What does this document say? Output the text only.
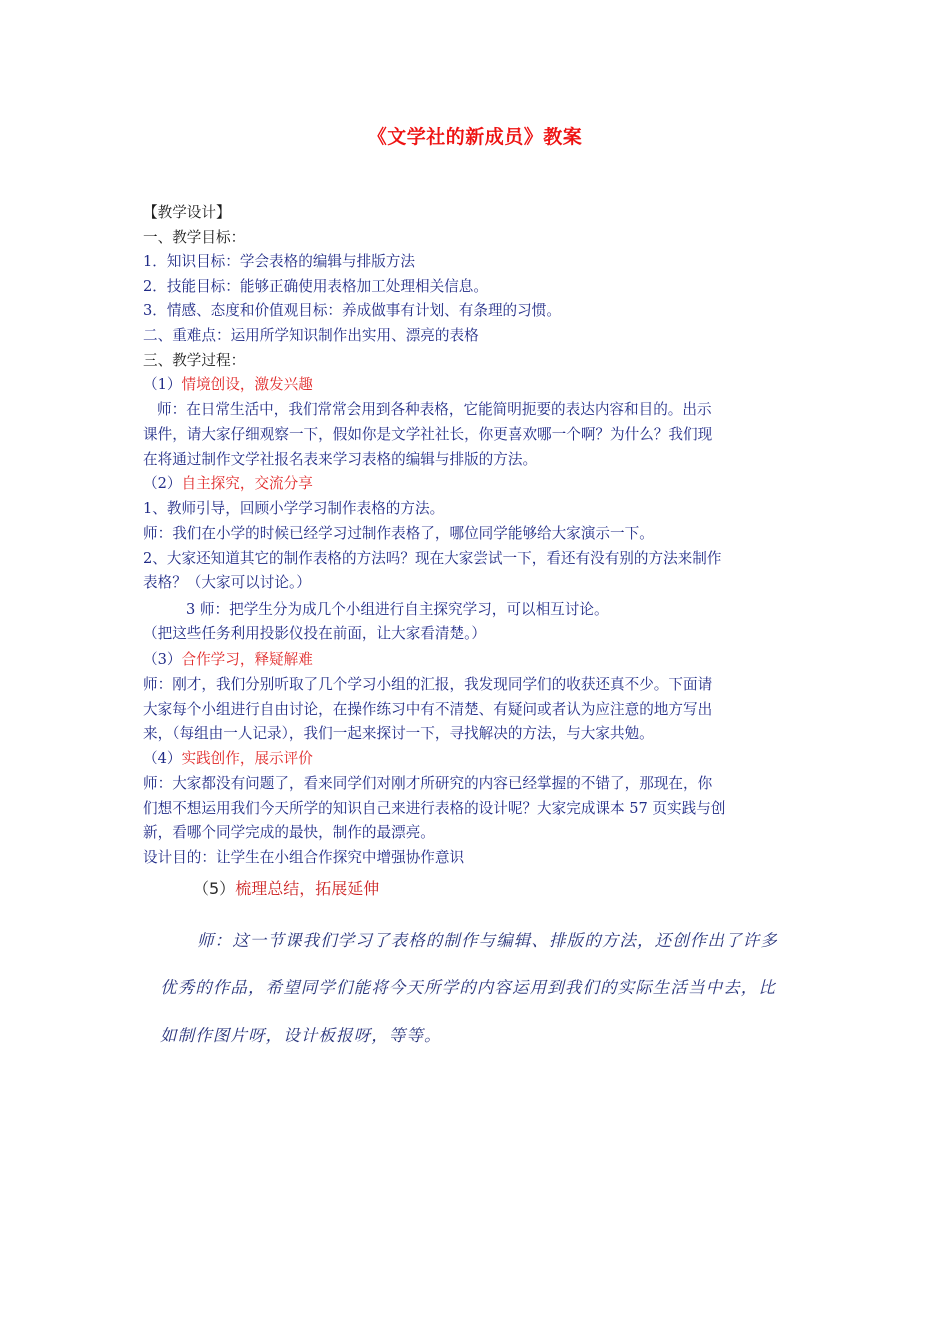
《文学社的新成员》教案
【教学设计】
一、教学目标：
1．知识目标：学会表格的编辑与排版方法
2．技能目标：能够正确使用表格加工处理相关信息。
3．情感、态度和价值观目标：养成做事有计划、有条理的习惯。
二、重难点：运用所学知识制作出实用、漂亮的表格
三、教学过程：
（1）情境创设，激发兴趣
师：在日常生活中，我们常常会用到各种表格，它能简明扼要的表达内容和目的。出示
课件，请大家仔细观察一下，假如你是文学社社长，你更喜欢哪一个啊？为什么？我们现
在将通过制作文学社报名表来学习表格的编辑与排版的方法。
（2）自主探究，交流分享
1、教师引导，回顾小学学习制作表格的方法。
师：我们在小学的时候已经学习过制作表格了，哪位同学能够给大家演示一下。
2、大家还知道其它的制作表格的方法吗？现在大家尝试一下，看还有没有别的方法来制作
表格？（大家可以讨论。）
3 师：把学生分为成几个小组进行自主探究学习，可以相互讨论。
（把这些任务利用投影仪投在前面，让大家看清楚。）
（3）合作学习，释疑解难
师：刚才，我们分别听取了几个学习小组的汇报，我发现同学们的收获还真不少。下面请
大家每个小组进行自由讨论，在操作练习中有不清楚、有疑问或者认为应注意的地方写出
来，（每组由一人记录），我们一起来探讨一下，寻找解决的方法，与大家共勉。
（4）实践创作，展示评价
师：大家都没有问题了，看来同学们对刚才所研究的内容已经掌握的不错了，那现在，你
们想不想运用我们今天所学的知识自己来进行表格的设计呢？大家完成课本 57 页实践与创
新，看哪个同学完成的最快，制作的最漂亮。
设计目的：让学生在小组合作探究中增强协作意识
（5）梳理总结，拓展延伸
师：这一节课我们学习了表格的制作与编辑、排版的方法，还创作出了许多
优秀的作品，希望同学们能将今天所学的内容运用到我们的实际生活当中去，比
如制作图片呀，设计板报呀，等等。
